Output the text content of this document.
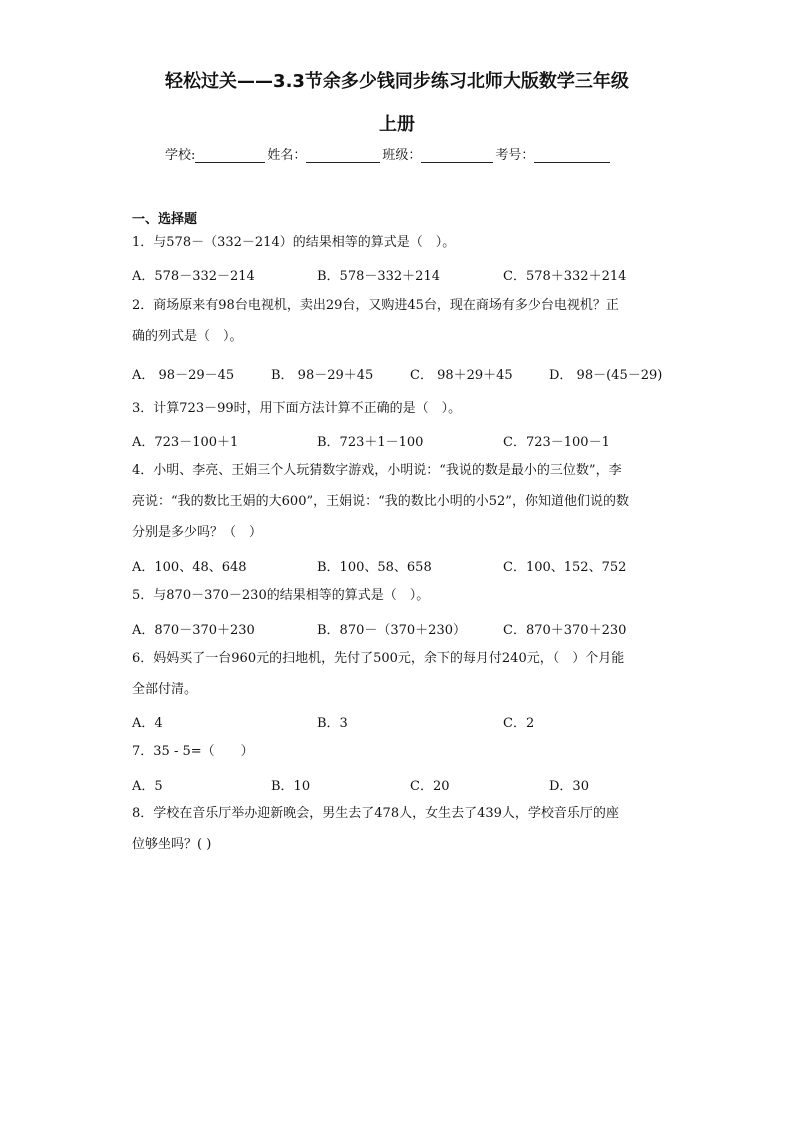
轻松过关——3.3节余多少钱同步练习北师大版数学三年级
上册
学校:	姓名：	班级：	考号：
一、选择题
1．与578－（332－214）的结果相等的算式是（　）。
A．578－332－214	B．578－332＋214	C．578＋332＋214
2．商场原来有98台电视机，卖出29台，又购进45台，现在商场有多少台电视机？正
确的列式是（　）。
A． 98－29－45	B． 98－29＋45	C． 98＋29＋45	D． 98－(45－29)
3．计算723－99时，用下面方法计算不正确的是（　）。
A．723－100＋1	B．723＋1－100	C．723－100－1
4．小明、李亮、王娟三个人玩猜数字游戏，小明说：“我说的数是最小的三位数”，李
亮说：“我的数比王娟的大600”，王娟说：“我的数比小明的小52”，你知道他们说的数
分别是多少吗？（　）
A．100、48、648	B．100、58、658	C．100、152、752
5．与870－370－230的结果相等的算式是（　）。
A．870－370＋230	B．870－（370＋230）	C．870＋370＋230
6．妈妈买了一台960元的扫地机，先付了500元，余下的每月付240元，（　）个月能
全部付清。
A．4	B．3	C．2
7．35 - 5=（　　）
A．5	B．10	C．20	D．30
8．学校在音乐厅举办迎新晚会，男生去了478人，女生去了439人，学校音乐厅的座
位够坐吗？( )
